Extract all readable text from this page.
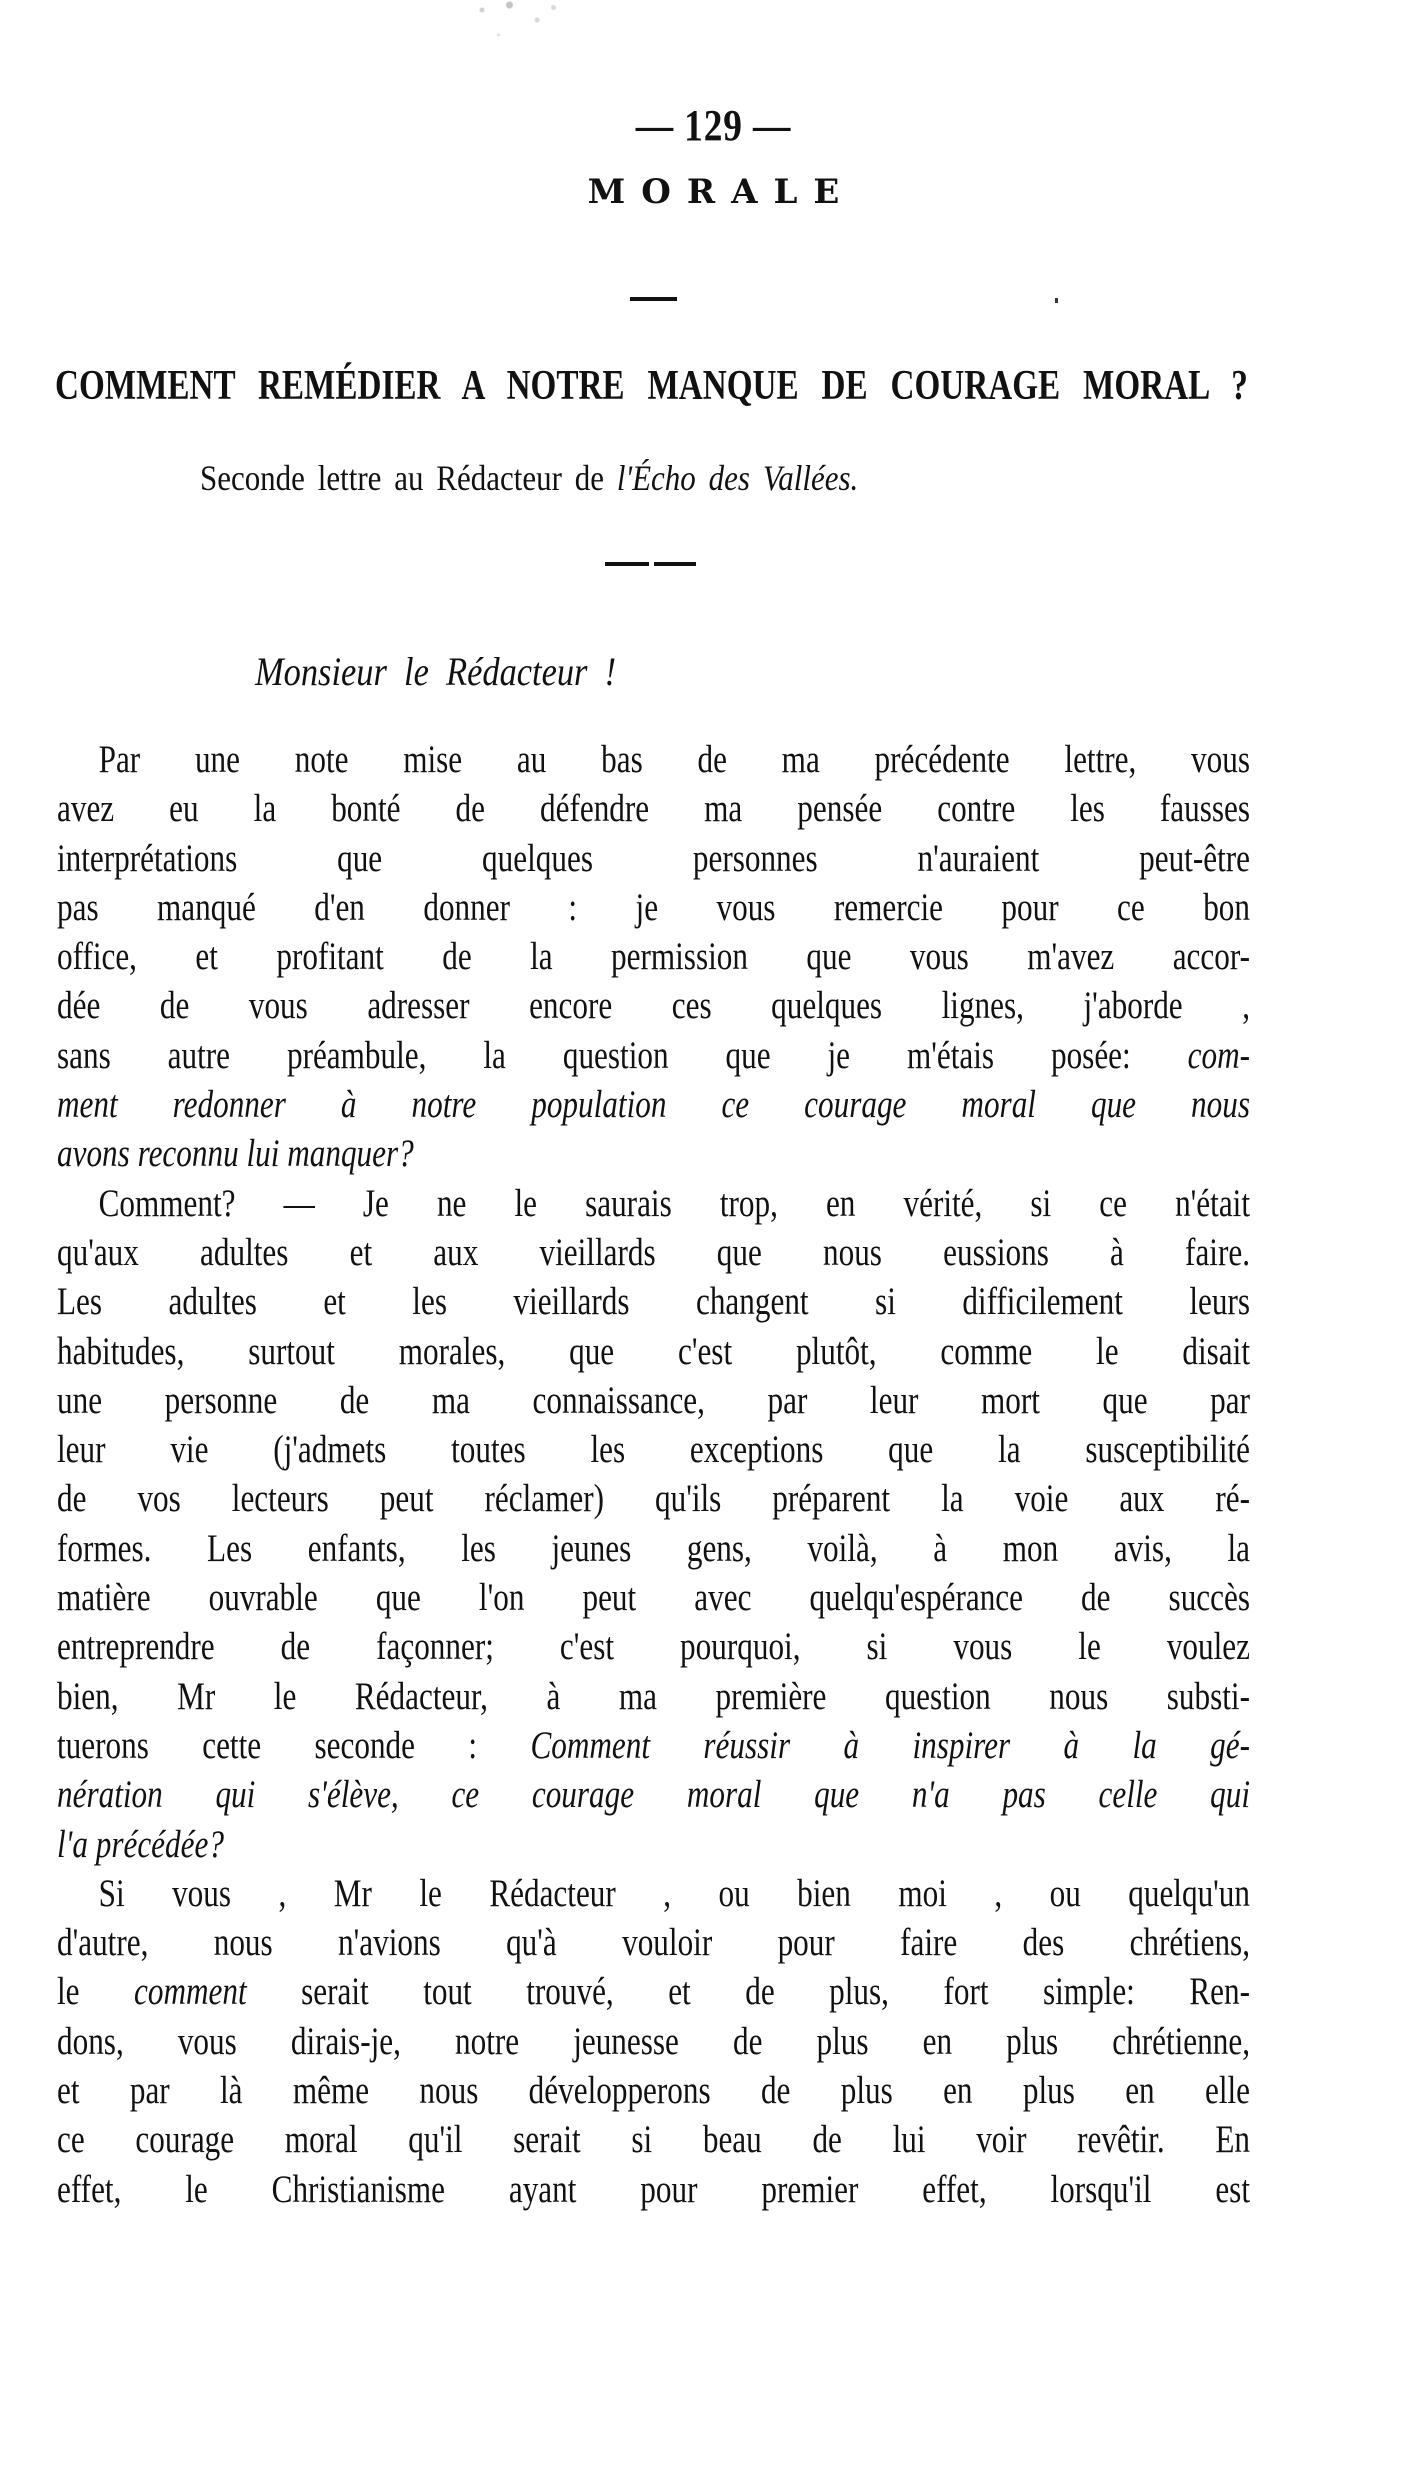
— 129 —
MORALE
COMMENT REMÉDIER A NOTRE MANQUE DE COURAGE MORAL ?
Seconde lettre au Rédacteur de l'Écho des Vallées.
Monsieur le Rédacteur !
Par une note mise au bas de ma précédente lettre, vous
avez eu la bonté de défendre ma pensée contre les fausses
interprétations que quelques personnes n'auraient peut-être
pas manqué d'en donner : je vous remercie pour ce bon
office, et profitant de la permission que vous m'avez accor-
dée de vous adresser encore ces quelques lignes, j'aborde ,
sans autre préambule, la question que je m'étais posée: com-
ment redonner à notre population ce courage moral que nous
avons reconnu lui manquer?
Comment? — Je ne le saurais trop, en vérité, si ce n'était
qu'aux adultes et aux vieillards que nous eussions à faire.
Les adultes et les vieillards changent si difficilement leurs
habitudes, surtout morales, que c'est plutôt, comme le disait
une personne de ma connaissance, par leur mort que par
leur vie (j'admets toutes les exceptions que la susceptibilité
de vos lecteurs peut réclamer) qu'ils préparent la voie aux ré-
formes. Les enfants, les jeunes gens, voilà, à mon avis, la
matière ouvrable que l'on peut avec quelqu'espérance de succès
entreprendre de façonner; c'est pourquoi, si vous le voulez
bien, Mr le Rédacteur, à ma première question nous substi-
tuerons cette seconde : Comment réussir à inspirer à la gé-
nération qui s'élève, ce courage moral que n'a pas celle qui
l'a précédée?
Si vous , Mr le Rédacteur , ou bien moi , ou quelqu'un
d'autre, nous n'avions qu'à vouloir pour faire des chrétiens,
le comment serait tout trouvé, et de plus, fort simple: Ren-
dons, vous dirais-je, notre jeunesse de plus en plus chrétienne,
et par là même nous développerons de plus en plus en elle
ce courage moral qu'il serait si beau de lui voir revêtir. En
effet, le Christianisme ayant pour premier effet, lorsqu'il est
